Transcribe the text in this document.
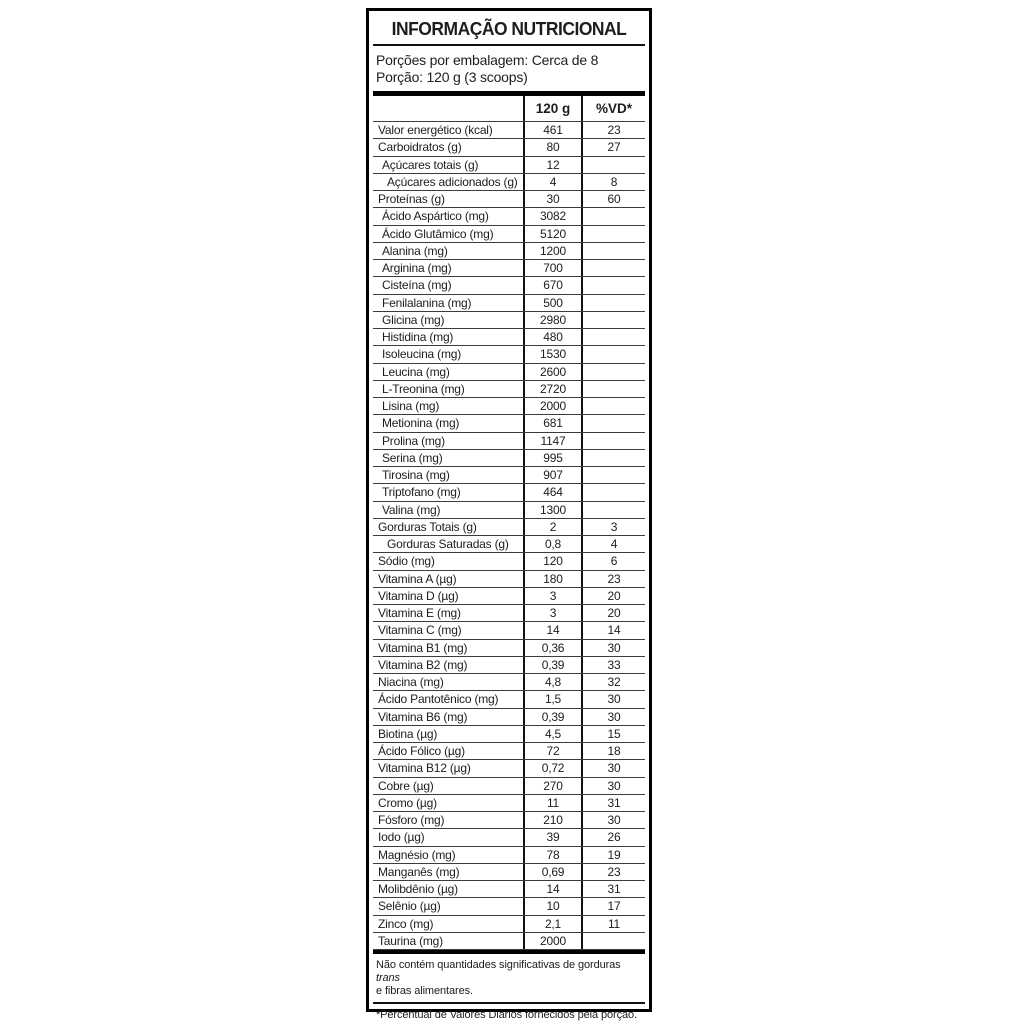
INFORMAÇÃO NUTRICIONAL
Porções por embalagem: Cerca de 8
Porção: 120 g (3 scoops)
120 g	%VD*
Valor energético (kcal)	461	23
Carboidratos (g)	80	27
Açúcares totais (g)	12
Açúcares adicionados (g)	4	8
Proteínas (g)	30	60
Ácido Aspártico (mg)	3082
Ácido Glutâmico (mg)	5120
Alanina (mg)	1200
Arginina (mg)	700
Cisteína (mg)	670
Fenilalanina (mg)	500
Glicina (mg)	2980
Histidina (mg)	480
Isoleucina (mg)	1530
Leucina (mg)	2600
L-Treonina (mg)	2720
Lisina (mg)	2000
Metionina (mg)	681
Prolina (mg)	1147
Serina (mg)	995
Tirosina (mg)	907
Triptofano (mg)	464
Valina (mg)	1300
Gorduras Totais (g)	2	3
Gorduras Saturadas (g)	0,8	4
Sódio (mg)	120	6
Vitamina A (µg)	180	23
Vitamina D (µg)	3	20
Vitamina E (mg)	3	20
Vitamina C (mg)	14	14
Vitamina B1 (mg)	0,36	30
Vitamina B2 (mg)	0,39	33
Niacina (mg)	4,8	32
Ácido Pantotênico (mg)	1,5	30
Vitamina B6 (mg)	0,39	30
Biotina (µg)	4,5	15
Ácido Fólico (µg)	72	18
Vitamina B12 (µg)	0,72	30
Cobre (µg)	270	30
Cromo (µg)	11	31
Fósforo (mg)	210	30
Iodo (µg)	39	26
Magnésio (mg)	78	19
Manganês (mg)	0,69	23
Molibdênio (µg)	14	31
Selênio (µg)	10	17
Zinco (mg)	2,1	11
Taurina (mg)	2000
Não contém quantidades significativas de gorduras trans
e fibras alimentares.
*Percentual de Valores Diários fornecidos pela porção.
